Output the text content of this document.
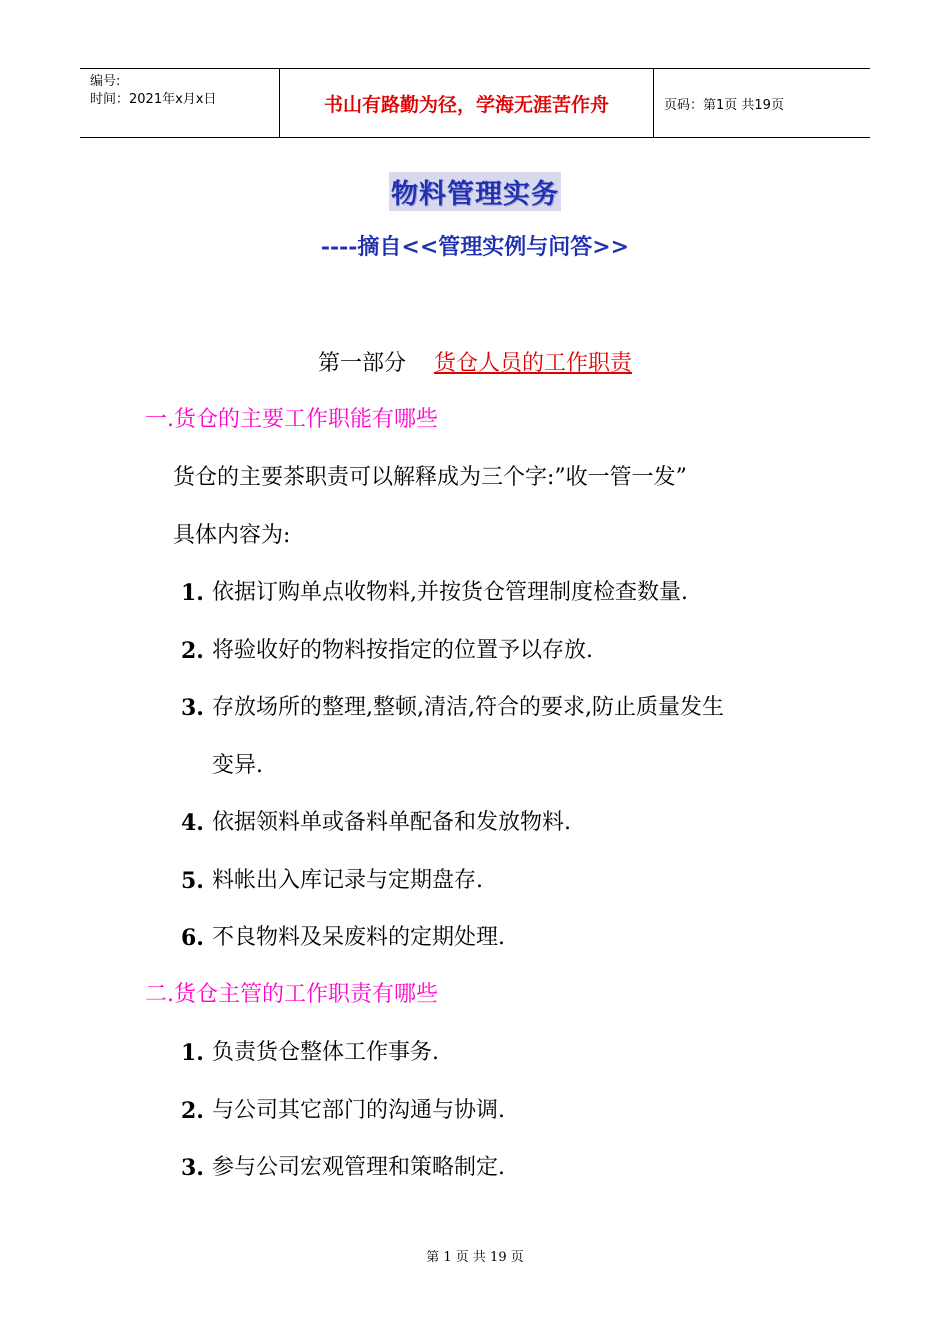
编号:
时间：2021年x月x日	书山有路勤为径，学海无涯苦作舟	页码：第1页 共19页
物料管理实务
----摘自<<管理实例与问答>>
第一部分 货仓人员的工作职责
一.货仓的主要工作职能有哪些
货仓的主要茶职责可以解释成为三个字:”收一管一发”
具体内容为:
1. 依据订购单点收物料,并按货仓管理制度检查数量.
2. 将验收好的物料按指定的位置予以存放.
3. 存放场所的整理,整顿,清洁,符合的要求,防止质量发生
变异.
4. 依据领料单或备料单配备和发放物料.
5. 料帐出入库记录与定期盘存.
6. 不良物料及呆废料的定期处理.
二.货仓主管的工作职责有哪些
1. 负责货仓整体工作事务.
2. 与公司其它部门的沟通与协调.
3. 参与公司宏观管理和策略制定.
第 1 页 共 19 页
